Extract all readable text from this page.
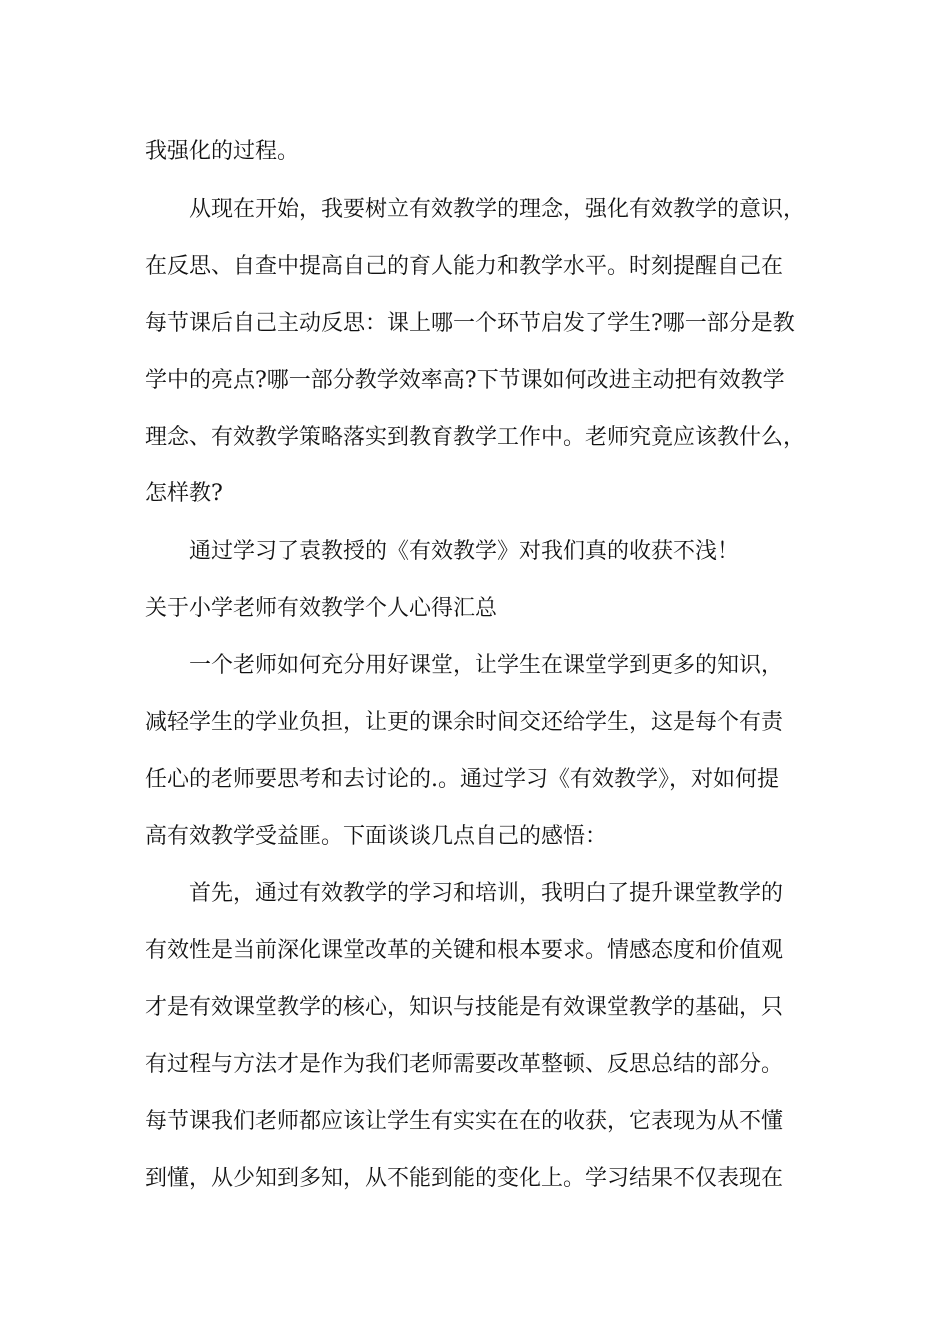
我强化的过程。

从现在开始，我要树立有效教学的理念，强化有效教学的意识，

在反思、自查中提高自己的育人能力和教学水平。时刻提醒自己在

每节课后自己主动反思：课上哪一个环节启发了学生?哪一部分是教

学中的亮点?哪一部分教学效率高?下节课如何改进主动把有效教学

理念、有效教学策略落实到教育教学工作中。老师究竟应该教什么，

怎样教?

通过学习了袁教授的《有效教学》对我们真的收获不浅！

关于小学老师有效教学个人心得汇总

一个老师如何充分用好课堂，让学生在课堂学到更多的知识，

减轻学生的学业负担，让更的课余时间交还给学生，这是每个有责

任心的老师要思考和去讨论的.。通过学习《有效教学》，对如何提

高有效教学受益匪。下面谈谈几点自己的感悟：

首先，通过有效教学的学习和培训，我明白了提升课堂教学的

有效性是当前深化课堂改革的关键和根本要求。情感态度和价值观

才是有效课堂教学的核心，知识与技能是有效课堂教学的基础，只

有过程与方法才是作为我们老师需要改革整顿、反思总结的部分。

每节课我们老师都应该让学生有实实在在的收获，它表现为从不懂

到懂，从少知到多知，从不能到能的变化上。学习结果不仅表现在
